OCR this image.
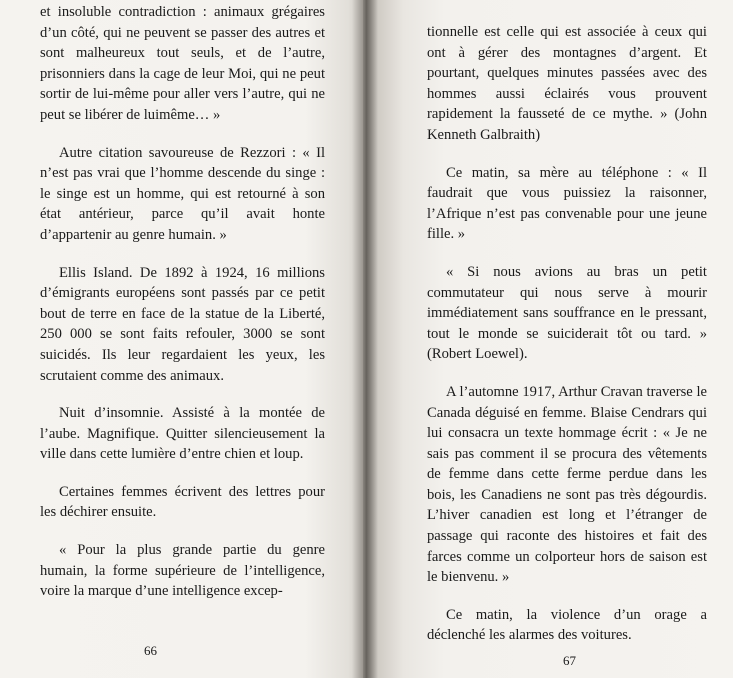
et insoluble contradiction : animaux grégaires d’un côté, qui ne peuvent se passer des autres et sont malheureux tout seuls, et de l’autre, prisonniers dans la cage de leur Moi, qui ne peut sortir de lui-même pour aller vers l’autre, qui ne peut se libérer de luimême… »

Autre citation savoureuse de Rezzori : « Il n’est pas vrai que l’homme descende du singe : le singe est un homme, qui est retourné à son état antérieur, parce qu’il avait honte d’appartenir au genre humain. »

Ellis Island. De 1892 à 1924, 16 millions d’émigrants européens sont passés par ce petit bout de terre en face de la statue de la Liberté, 250 000 se sont faits refouler, 3000 se sont suicidés. Ils leur regardaient les yeux, les scrutaient comme des animaux.

Nuit d’insomnie. Assisté à la montée de l’aube. Magnifique. Quitter silencieusement la ville dans cette lumière d’entre chien et loup.

Certaines femmes écrivent des lettres pour les déchirer ensuite.

« Pour la plus grande partie du genre humain, la forme supérieure de l’intelligence, voire la marque d’une intelligence excep-

66

tionnelle est celle qui est associée à ceux qui ont à gérer des montagnes d’argent. Et pourtant, quelques minutes passées avec des hommes aussi éclairés vous prouvent rapidement la fausseté de ce mythe. » (John Kenneth Galbraith)

Ce matin, sa mère au téléphone : « Il faudrait que vous puissiez la raisonner, l’Afrique n’est pas convenable pour une jeune fille. »

« Si nous avions au bras un petit commutateur qui nous serve à mourir immédiatement sans souffrance en le pressant, tout le monde se suiciderait tôt ou tard. » (Robert Loewel).

A l’automne 1917, Arthur Cravan traverse le Canada déguisé en femme. Blaise Cendrars qui lui consacra un texte hommage écrit : « Je ne sais pas comment il se procura des vêtements de femme dans cette ferme perdue dans les bois, les Canadiens ne sont pas très dégourdis. L’hiver canadien est long et l’étranger de passage qui raconte des histoires et fait des farces comme un colporteur hors de saison est le bienvenu. »

Ce matin, la violence d’un orage a déclenché les alarmes des voitures.

67
